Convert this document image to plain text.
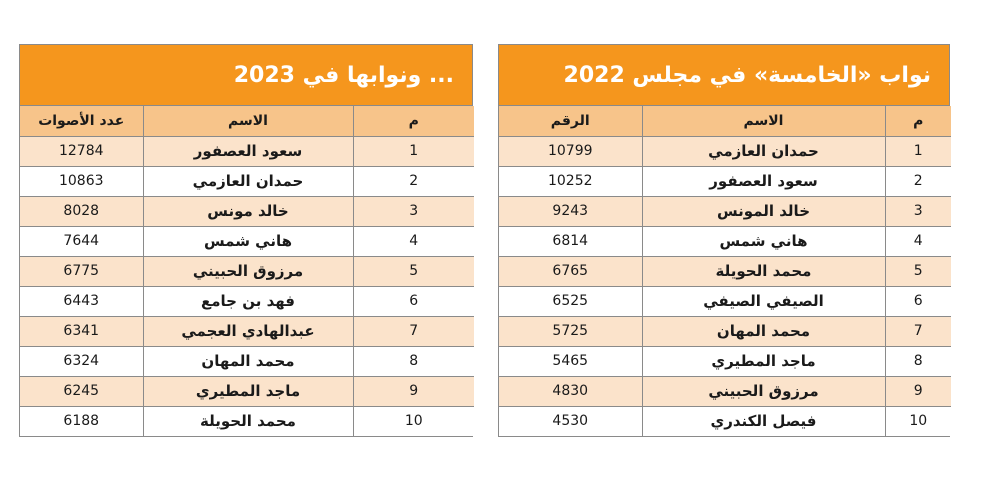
... ونوابها في 2023
م	الاسم	عدد الأصوات
1	سعود العصفور	12784
2	حمدان العازمي	10863
3	خالد مونس	8028
4	هاني شمس	7644
5	مرزوق الحبيني	6775
6	فهد بن جامع	6443
7	عبدالهادي العجمي	6341
8	محمد المهان	6324
9	ماجد المطيري	6245
10	محمد الحويلة	6188
نواب «الخامسة» في مجلس 2022
م	الاسم	الرقم
1	حمدان العازمي	10799
2	سعود العصفور	10252
3	خالد المونس	9243
4	هاني شمس	6814
5	محمد الحويلة	6765
6	الصيفي الصيفي	6525
7	محمد المهان	5725
8	ماجد المطيري	5465
9	مرزوق الحبيني	4830
10	فيصل الكندري	4530
